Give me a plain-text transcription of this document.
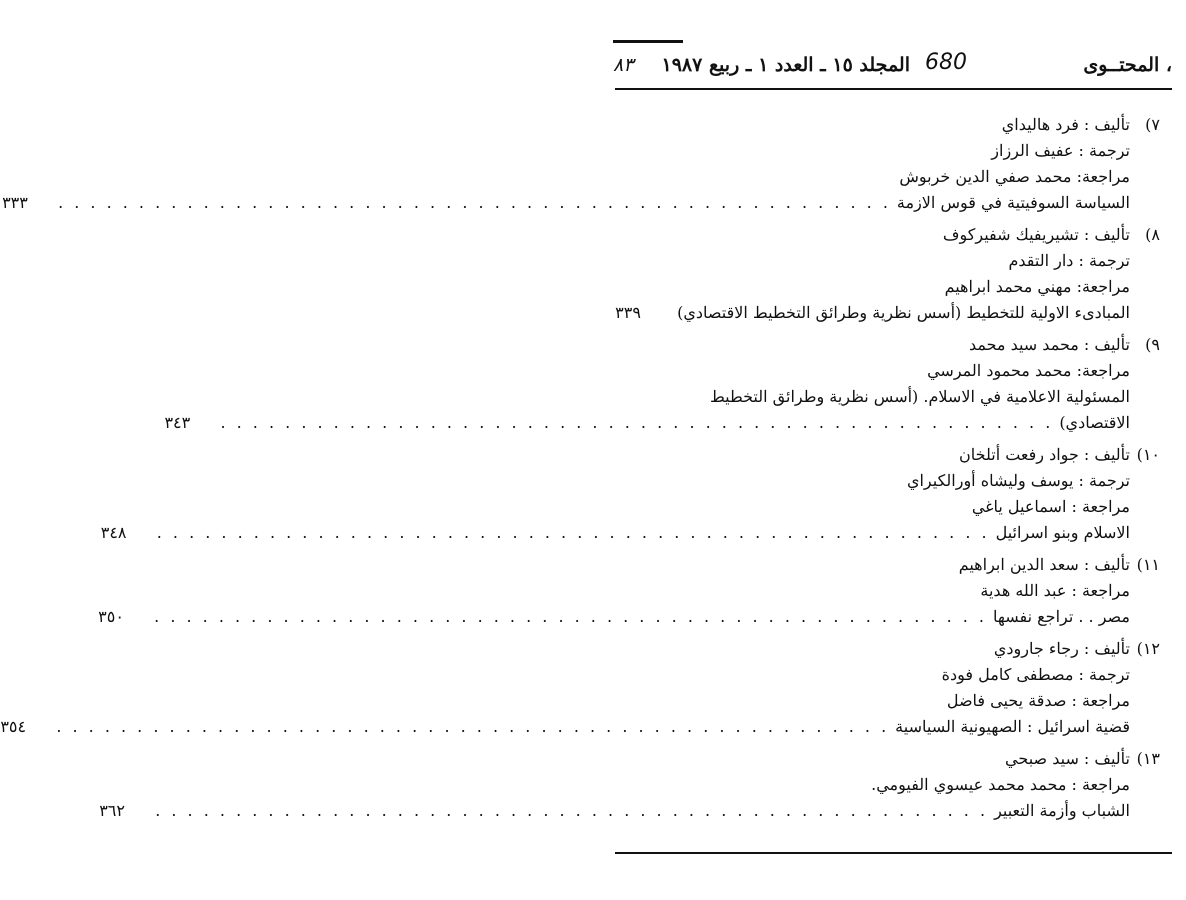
، المحتــوى
680
المجلد ١٥ ـ العدد ١ ـ ربيع ١٩٨٧
۸۳
٧)تأليف : فرد هاليداي
ترجمة : عفيف الرزاز
مراجعة: محمد صفي الدين خربوش
السياسة السوفيتية في قوس الازمة
. . . . . . . . . . . . . . . . . . . . . . . . . . . . . . . . . . . . . . . . . . . . . . . . . . . .
٣٣٣
٨)تأليف : تشيريفيك شفيركوف
ترجمة : دار التقدم
مراجعة: مهني محمد ابراهيم
المبادىء الاولية للتخطيط (أسس نظرية وطرائق التخطيط الاقتصادي)
٣٣٩
٩)تأليف : محمد سيد محمد
مراجعة: محمد محمود المرسي
المسئولية الاعلامية في الاسلام. (أسس نظرية وطرائق التخطيط
الاقتصادي)
. . . . . . . . . . . . . . . . . . . . . . . . . . . . . . . . . . . . . . . . . . . . . . . . . . . .
٣٤٣
١٠)تأليف : جواد رفعت أتلخان
ترجمة : يوسف وليشاه أورالكيراي
مراجعة : اسماعيل ياغي
الاسلام وبنو اسرائيل
. . . . . . . . . . . . . . . . . . . . . . . . . . . . . . . . . . . . . . . . . . . . . . . . . . . .
٣٤٨
١١)تأليف : سعد الدين ابراهيم
مراجعة : عبد الله هدية
مصر . . تراجع نفسها
. . . . . . . . . . . . . . . . . . . . . . . . . . . . . . . . . . . . . . . . . . . . . . . . . . . .
٣٥٠
١٢)تأليف : رجاء جارودي
ترجمة : مصطفى كامل فودة
مراجعة : صدقة يحيى فاضل
قضية اسرائيل : الصهيونية السياسية
. . . . . . . . . . . . . . . . . . . . . . . . . . . . . . . . . . . . . . . . . . . . . . . . . . . .
٣٥٤
١٣)تأليف : سيد صبحي
مراجعة : محمد محمد عيسوي الفيومي.
الشباب وأزمة التعبير
. . . . . . . . . . . . . . . . . . . . . . . . . . . . . . . . . . . . . . . . . . . . . . . . . . . .
٣٦٢
